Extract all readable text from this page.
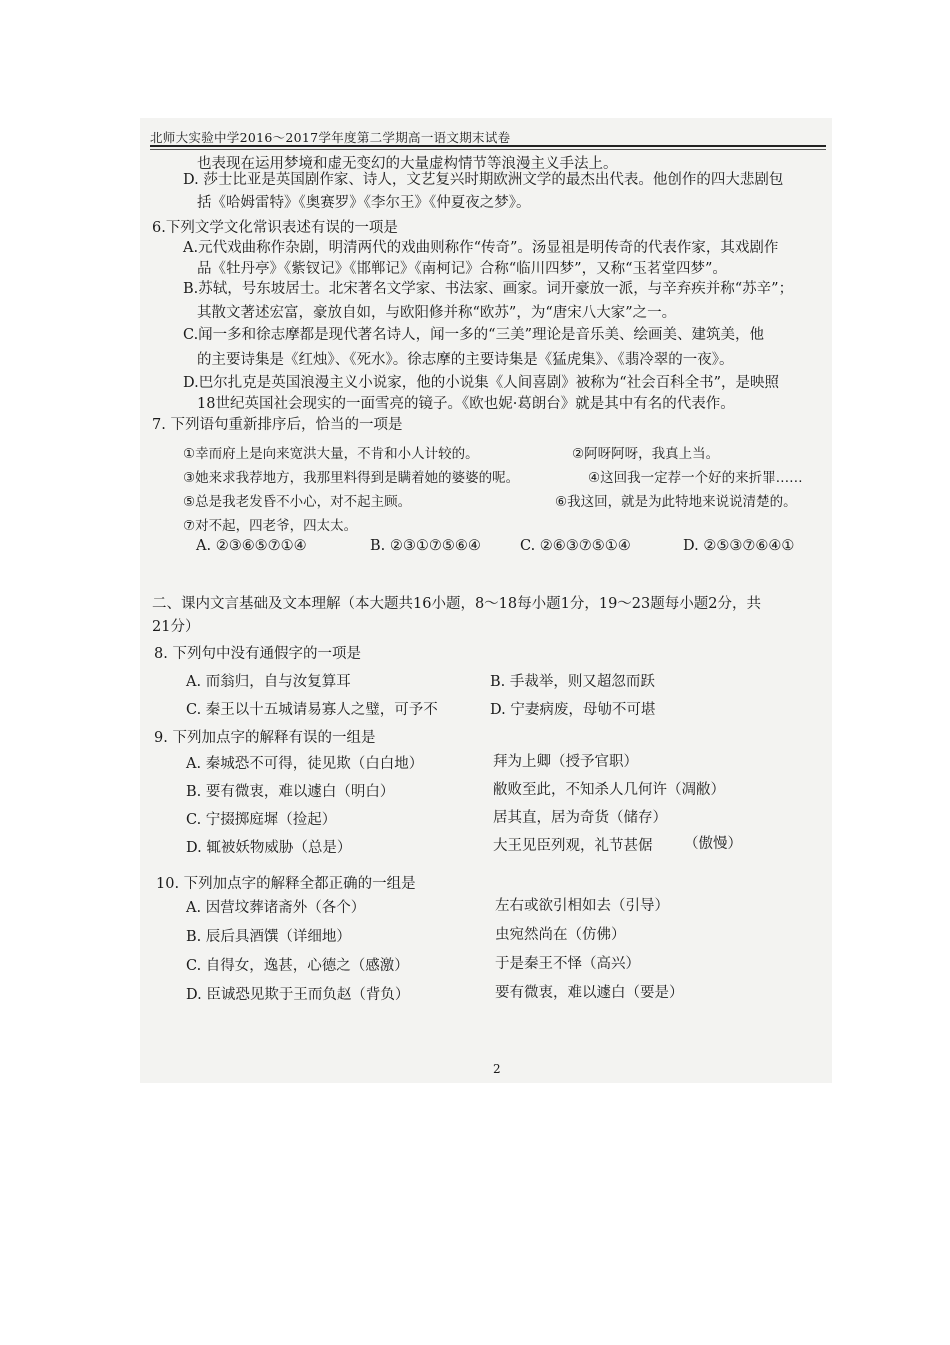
北师大实验中学2016～2017学年度第二学期高一语文期末试卷
也表现在运用梦境和虚无变幻的大量虚构情节等浪漫主义手法上。
D. 莎士比亚是英国剧作家、诗人，文艺复兴时期欧洲文学的最杰出代表。他创作的四大悲剧包
括《哈姆雷特》《奥赛罗》《李尔王》《仲夏夜之梦》。
6.下列文学文化常识表述有误的一项是
A.元代戏曲称作杂剧，明清两代的戏曲则称作“传奇”。汤显祖是明传奇的代表作家，其戏剧作
品《牡丹亭》《紫钗记》《邯郸记》《南柯记》合称“临川四梦”，又称“玉茗堂四梦”。
B.苏轼，号东坡居士。北宋著名文学家、书法家、画家。词开豪放一派，与辛弃疾并称“苏辛”；
其散文著述宏富，豪放自如，与欧阳修并称“欧苏”，为“唐宋八大家”之一。
C.闻一多和徐志摩都是现代著名诗人，闻一多的“三美”理论是音乐美、绘画美、建筑美，他
的主要诗集是《红烛》、《死水》。徐志摩的主要诗集是《猛虎集》、《翡冷翠的一夜》。
D.巴尔扎克是英国浪漫主义小说家，他的小说集《人间喜剧》被称为“社会百科全书”，是映照
18世纪英国社会现实的一面雪亮的镜子。《欧也妮·葛朗台》就是其中有名的代表作。
7. 下列语句重新排序后，恰当的一项是
①幸而府上是向来宽洪大量，不肯和小人计较的。	②阿呀阿呀，我真上当。
③她来求我荐地方，我那里料得到是瞒着她的婆婆的呢。	④这回我一定荐一个好的来折罪……
⑤总是我老发昏不小心，对不起主顾。	⑥我这回，就是为此特地来说说清楚的。
⑦对不起，四老爷，四太太。
A. ②③⑥⑤⑦①④	B. ②③①⑦⑤⑥④	C. ②⑥③⑦⑤①④	D. ②⑤③⑦⑥④①
二、课内文言基础及文本理解（本大题共16小题，8～18每小题1分，19～23题每小题2分，共
21分）
8. 下列句中没有通假字的一项是
A. 而翁归，自与汝复算耳	B. 手裁举，则又超忽而跃
C. 秦王以十五城请易寡人之璧，可予不	D. 宁妻病废，母劬不可堪
9. 下列加点字的解释有误的一组是
A. 秦城恐不可得，徒见欺（白白地）	拜为上卿（授予官职）
B. 要有微衷，难以遽白（明白）	敝败至此，不知杀人几何许（凋敝）
C. 宁掇掷庭墀（捡起）	居其直，居为奇货（储存）
D. 辄被妖物威胁（总是）	大王见臣列观，礼节甚倨 （傲慢）
10. 下列加点字的解释全都正确的一组是
A. 因营坟葬诸斋外（各个）	左右或欲引相如去（引导）
B. 辰后具酒馔（详细地）	虫宛然尚在（仿佛）
C. 自得女，逸甚，心德之（感激）	于是秦王不怿（高兴）
D. 臣诚恐见欺于王而负赵（背负）	要有微衷，难以遽白（要是）
2
